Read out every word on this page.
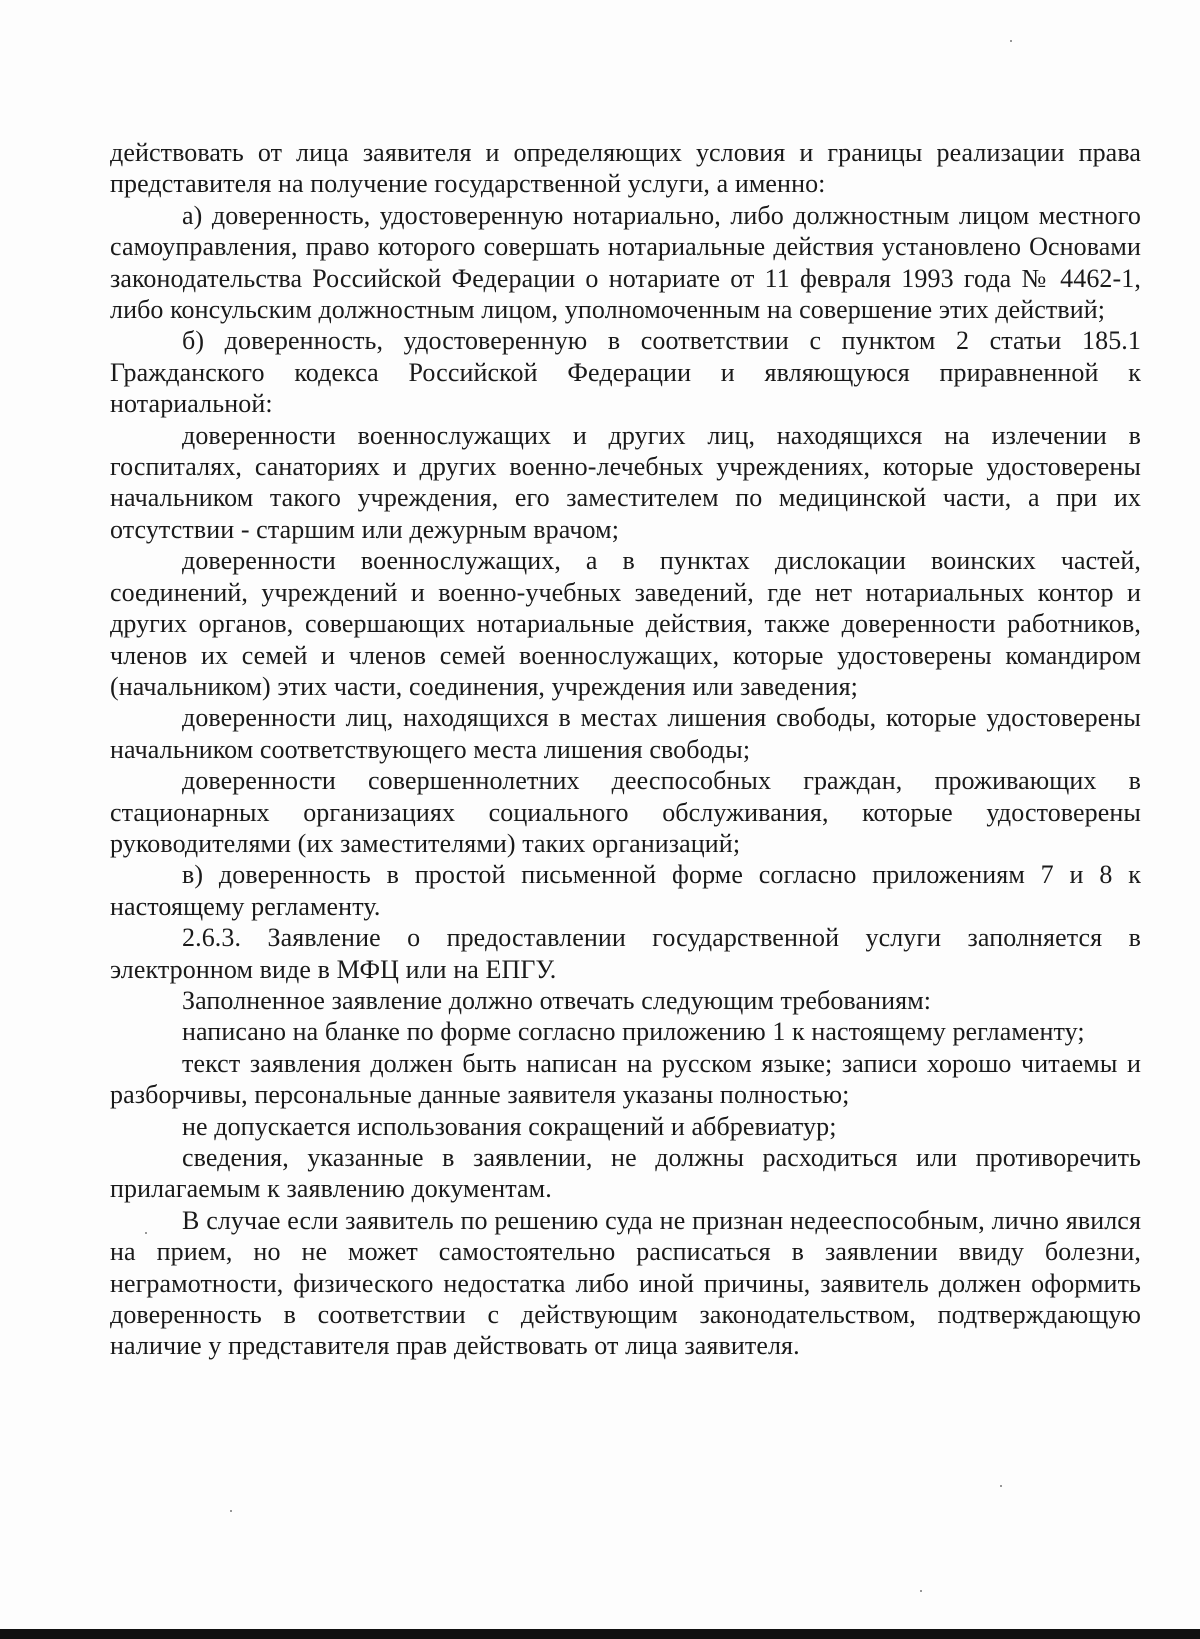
действовать от лица заявителя и определяющих условия и границы реализации права представителя на получение государственной услуги, а именно:

а) доверенность, удостоверенную нотариально, либо должностным лицом местного самоуправления, право которого совершать нотариальные действия установлено Основами законодательства Российской Федерации о нотариате от 11 февраля 1993 года № 4462-1, либо консульским должностным лицом, уполномоченным на совершение этих действий;

б) доверенность, удостоверенную в соответствии с пунктом 2 статьи 185.1 Гражданского кодекса Российской Федерации и являющуюся приравненной к нотариальной:

доверенности военнослужащих и других лиц, находящихся на излечении в госпиталях, санаториях и других военно-лечебных учреждениях, которые удостоверены начальником такого учреждения, его заместителем по медицинской части, а при их отсутствии - старшим или дежурным врачом;

доверенности военнослужащих, а в пунктах дислокации воинских частей, соединений, учреждений и военно-учебных заведений, где нет нотариальных контор и других органов, совершающих нотариальные действия, также доверенности работников, членов их семей и членов семей военнослужащих, которые удостоверены командиром (начальником) этих части, соединения, учреждения или заведения;

доверенности лиц, находящихся в местах лишения свободы, которые удостоверены начальником соответствующего места лишения свободы;

доверенности совершеннолетних дееспособных граждан, проживающих в стационарных организациях социального обслуживания, которые удостоверены руководителями (их заместителями) таких организаций;

в) доверенность в простой письменной форме согласно приложениям 7 и 8 к настоящему регламенту.

2.6.3. Заявление о предоставлении государственной услуги заполняется в электронном виде в МФЦ или на ЕПГУ.

Заполненное заявление должно отвечать следующим требованиям:

написано на бланке по форме согласно приложению 1 к настоящему регламенту;

текст заявления должен быть написан на русском языке; записи хорошо читаемы и разборчивы, персональные данные заявителя указаны полностью;

не допускается использования сокращений и аббревиатур;

сведения, указанные в заявлении, не должны расходиться или противоречить прилагаемым к заявлению документам.

В случае если заявитель по решению суда не признан недееспособным, лично явился на прием, но не может самостоятельно расписаться в заявлении ввиду болезни, неграмотности, физического недостатка либо иной причины, заявитель должен оформить доверенность в соответствии с действующим законодательством, подтверждающую наличие у представителя прав действовать от лица заявителя.
